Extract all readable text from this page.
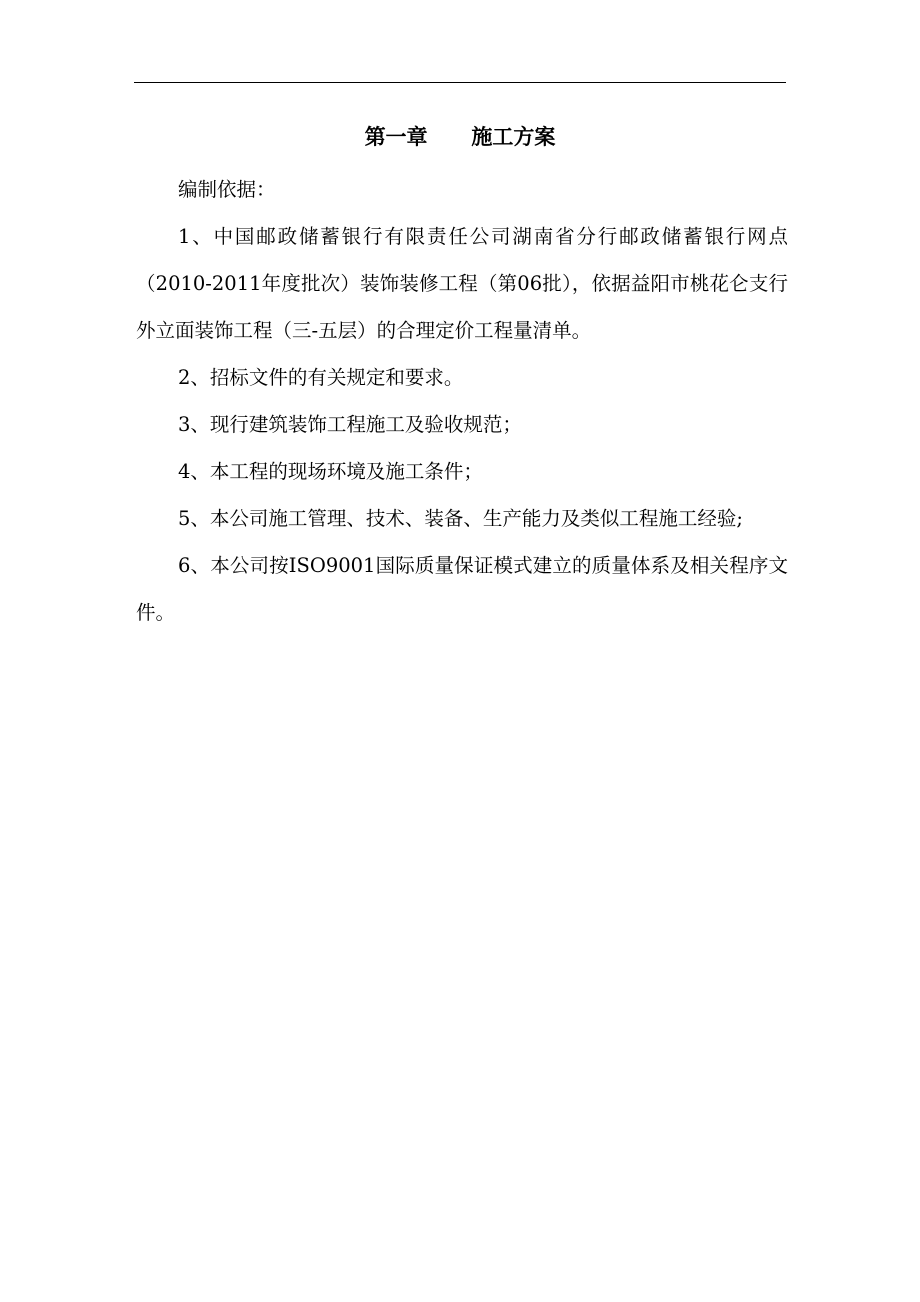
第一章      施工方案

编制依据：

1、中国邮政储蓄银行有限责任公司湖南省分行邮政储蓄银行网点（2010-2011年度批次）装饰装修工程（第06批），依据益阳市桃花仑支行外立面装饰工程（三-五层）的合理定价工程量清单。

2、招标文件的有关规定和要求。

3、现行建筑装饰工程施工及验收规范；

4、本工程的现场环境及施工条件；

5、本公司施工管理、技术、装备、生产能力及类似工程施工经验;

6、本公司按ISO9001国际质量保证模式建立的质量体系及相关程序文件。
